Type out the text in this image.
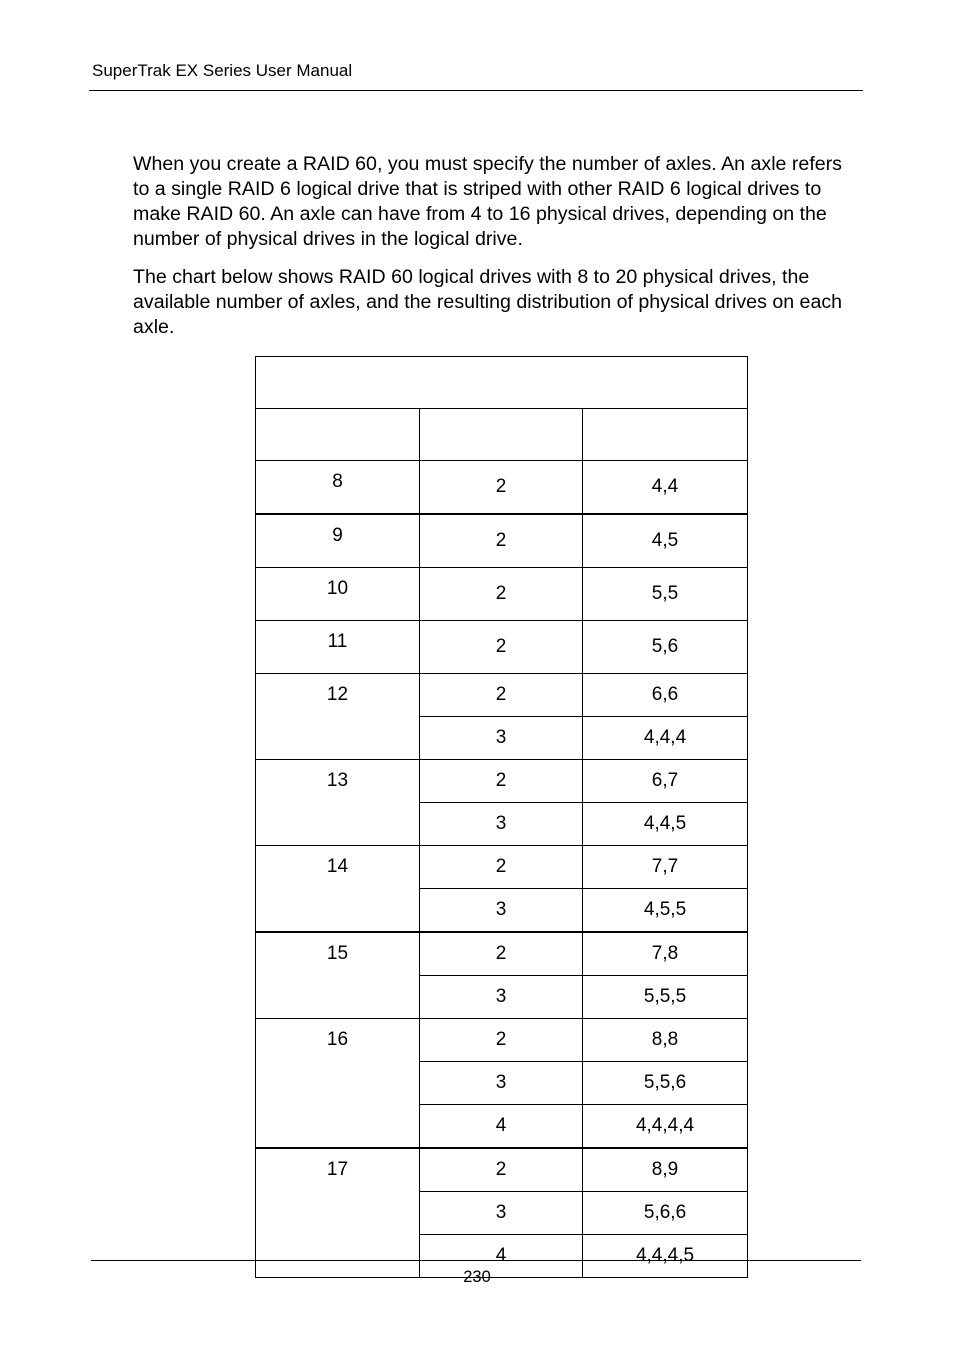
SuperTrak EX Series User Manual

When you create a RAID 60, you must specify the number of axles. An axle refers to a single RAID 6 logical drive that is striped with other RAID 6 logical drives to make RAID 60. An axle can have from 4 to 16 physical drives, depending on the number of physical drives in the logical drive.

The chart below shows RAID 60 logical drives with 8 to 20 physical drives, the available number of axles, and the resulting distribution of physical drives on each axle.

8	2	4,4
9	2	4,5
10	2	5,5
11	2	5,6
12	2	6,6
	3	4,4,4
13	2	6,7
	3	4,4,5
14	2	7,7
	3	4,5,5
15	2	7,8
	3	5,5,5
16	2	8,8
	3	5,5,6
	4	4,4,4,4
17	2	8,9
	3	5,6,6
	4	4,4,4,5
230
